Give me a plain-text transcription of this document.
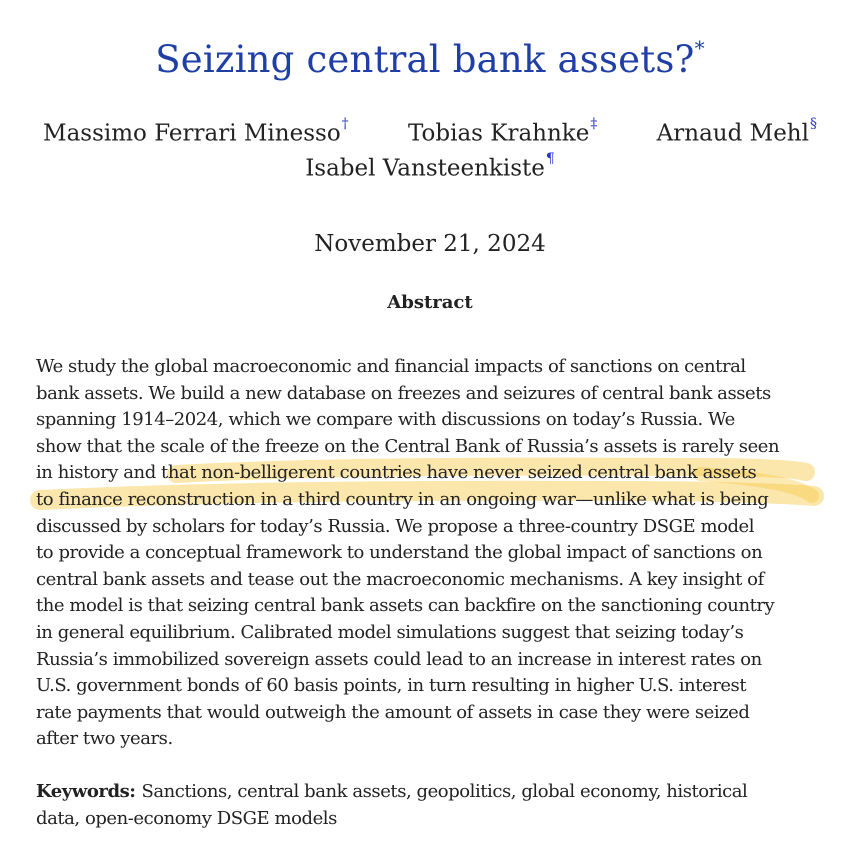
Seizing central bank assets?*
Massimo Ferrari Minesso†	Tobias Krahnke‡	Arnaud Mehl§
Isabel Vansteenkiste¶
November 21, 2024
Abstract
We study the global macroeconomic and financial impacts of sanctions on central
bank assets. We build a new database on freezes and seizures of central bank assets
spanning 1914–2024, which we compare with discussions on today’s Russia. We
show that the scale of the freeze on the Central Bank of Russia’s assets is rarely seen
in history and that non-belligerent countries have never seized central bank assets
to finance reconstruction in a third country in an ongoing war—unlike what is being
discussed by scholars for today’s Russia. We propose a three-country DSGE model
to provide a conceptual framework to understand the global impact of sanctions on
central bank assets and tease out the macroeconomic mechanisms. A key insight of
the model is that seizing central bank assets can backfire on the sanctioning country
in general equilibrium. Calibrated model simulations suggest that seizing today’s
Russia’s immobilized sovereign assets could lead to an increase in interest rates on
U.S. government bonds of 60 basis points, in turn resulting in higher U.S. interest
rate payments that would outweigh the amount of assets in case they were seized
after two years.
Keywords: Sanctions, central bank assets, geopolitics, global economy, historical
data, open-economy DSGE models
